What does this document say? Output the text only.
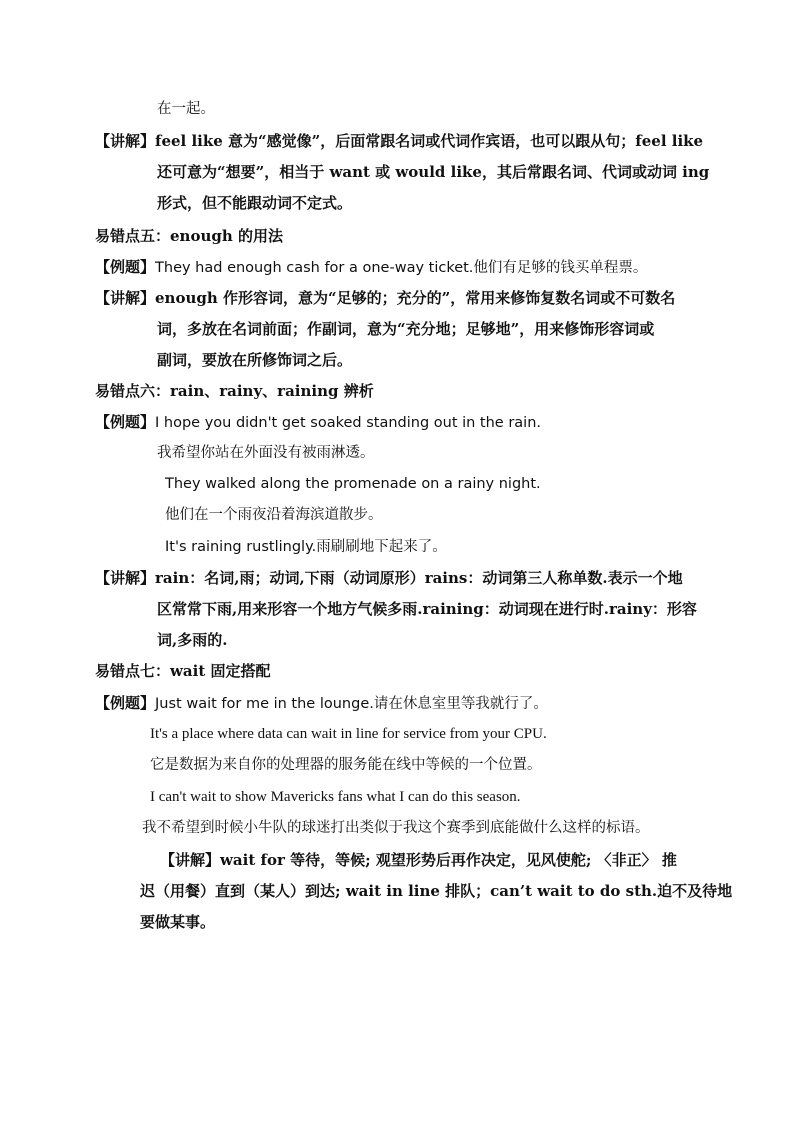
在一起。
【讲解】feel like 意为“感觉像”，后面常跟名词或代词作宾语，也可以跟从句；feel like
还可意为“想要”，相当于 want 或 would like，其后常跟名词、代词或动词 ing
形式，但不能跟动词不定式。
易错点五：enough 的用法
【例题】They had enough cash for a one-way ticket.他们有足够的钱买单程票。
【讲解】enough 作形容词，意为“足够的；充分的”，常用来修饰复数名词或不可数名
词，多放在名词前面；作副词，意为“充分地；足够地”，用来修饰形容词或
副词，要放在所修饰词之后。
易错点六：rain、rainy、raining 辨析
【例题】I hope you didn't get soaked standing out in the rain.
我希望你站在外面没有被雨淋透。
They walked along the promenade on a rainy night.
他们在一个雨夜沿着海滨道散步。
It's raining rustlingly.雨刷刷地下起来了。
【讲解】rain：名词,雨；动词,下雨（动词原形）rains：动词第三人称单数.表示一个地
区常常下雨,用来形容一个地方气候多雨.raining：动词现在进行时.rainy：形容
词,多雨的.
易错点七：wait 固定搭配
【例题】Just wait for me in the lounge.请在休息室里等我就行了。
It's a place where data can wait in line for service from your CPU.
它是数据为来自你的处理器的服务能在线中等候的一个位置。
I can't wait to show Mavericks fans what I can do this season.
我不希望到时候小牛队的球迷打出类似于我这个赛季到底能做什么这样的标语。
【讲解】wait for 等待，等候; 观望形势后再作决定，见风使舵; 〈非正〉 推
迟（用餐）直到（某人）到达; wait in line 排队；can’t wait to do sth.迫不及待地
要做某事。
